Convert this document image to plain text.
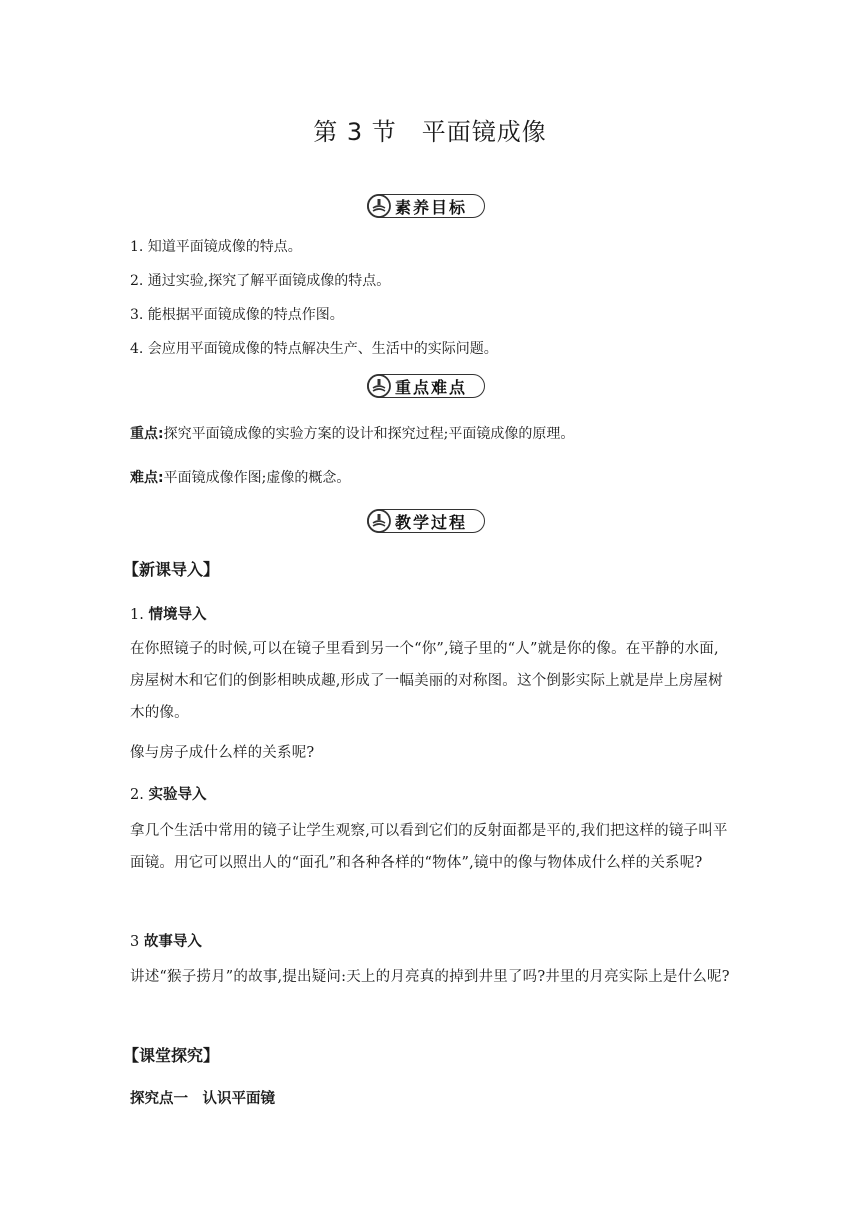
第 3 节　平面镜成像
素养目标
1. 知道平面镜成像的特点。
2. 通过实验,探究了解平面镜成像的特点。
3. 能根据平面镜成像的特点作图。
4. 会应用平面镜成像的特点解决生产、生活中的实际问题。
重点难点
重点:探究平面镜成像的实验方案的设计和探究过程;平面镜成像的原理。
难点:平面镜成像作图;虚像的概念。
教学过程
【新课导入】
1. 情境导入
在你照镜子的时候,可以在镜子里看到另一个“你”,镜子里的“人”就是你的像。在平静的水面,房屋树木和它们的倒影相映成趣,形成了一幅美丽的对称图。这个倒影实际上就是岸上房屋树木的像。
像与房子成什么样的关系呢?
2. 实验导入
拿几个生活中常用的镜子让学生观察,可以看到它们的反射面都是平的,我们把这样的镜子叫平面镜。用它可以照出人的“面孔”和各种各样的“物体”,镜中的像与物体成什么样的关系呢?
3 故事导入
讲述“猴子捞月”的故事,提出疑问:天上的月亮真的掉到井里了吗?井里的月亮实际上是什么呢?
【课堂探究】
探究点一　认识平面镜
